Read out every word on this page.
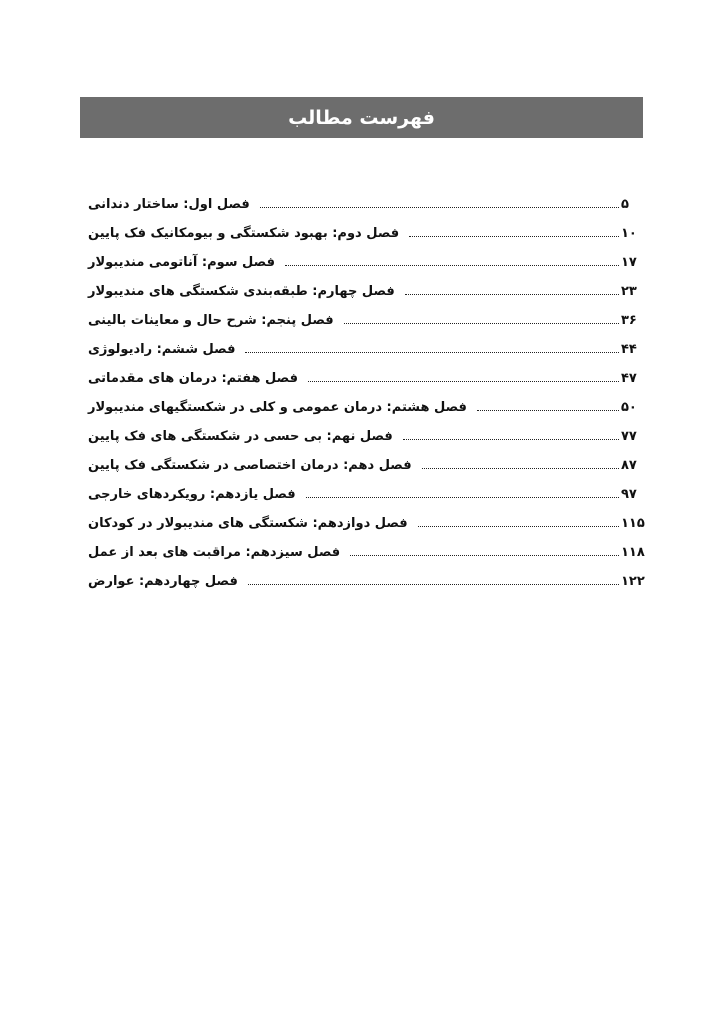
فهرست مطالب
فصل اول: ساختار دندانی	۵
فصل دوم: بهبود شکستگی و بیومکانیک فک پایین	۱۰
فصل سوم: آناتومی مندیبولار	۱۷
فصل چهارم: طبقه‌بندی شکستگی های مندیبولار	۲۳
فصل پنجم: شرح حال و معاینات بالینی	۳۶
فصل ششم: رادیولوژی	۴۴
فصل هفتم: درمان های مقدماتی	۴۷
فصل هشتم: درمان عمومی و کلی در شکستگیهای مندیبولار	۵۰
فصل نهم: بی حسی در شکستگی های فک پایین	۷۷
فصل دهم: درمان اختصاصی در شکستگی فک پایین	۸۷
فصل یازدهم: رویکردهای خارجی	۹۷
فصل دوازدهم: شکستگی های مندیبولار در کودکان	۱۱۵
فصل سیزدهم: مراقبت های بعد از عمل	۱۱۸
فصل چهاردهم: عوارض	۱۲۲
